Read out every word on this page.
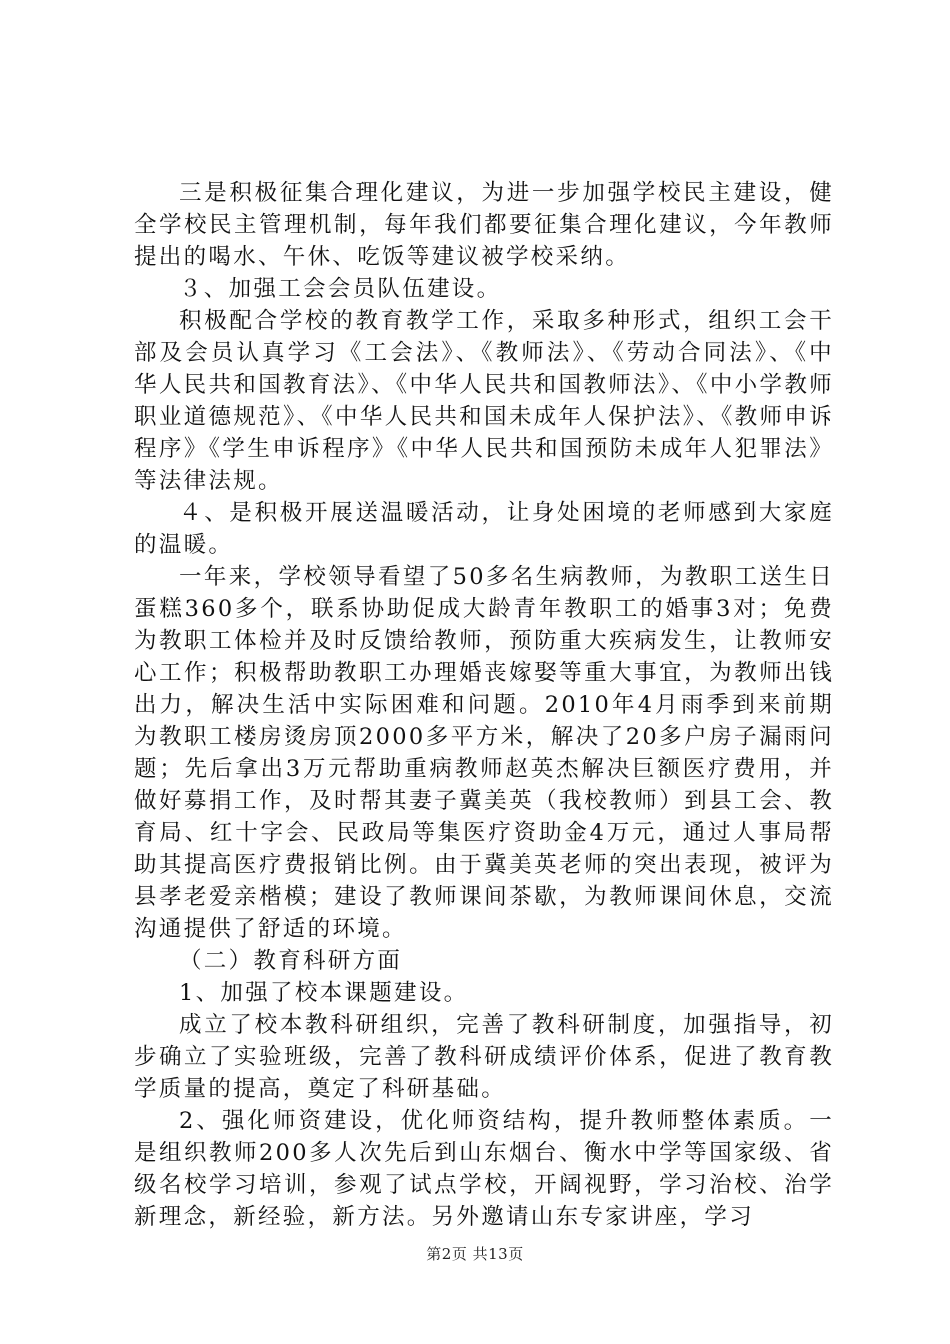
三是积极征集合理化建议，为进一步加强学校民主建设，健全学校民主管理机制，每年我们都要征集合理化建议，今年教师提出的喝水、午休、吃饭等建议被学校采纳。

３、加强工会会员队伍建设。

积极配合学校的教育教学工作，采取多种形式，组织工会干部及会员认真学习《工会法》、《教师法》、《劳动合同法》、《中华人民共和国教育法》、《中华人民共和国教师法》、《中小学教师职业道德规范》、《中华人民共和国未成年人保护法》、《教师申诉程序》《学生申诉程序》《中华人民共和国预防未成年人犯罪法》等法律法规。

４、是积极开展送温暖活动，让身处困境的老师感到大家庭的温暖。

一年来，学校领导看望了50多名生病教师，为教职工送生日蛋糕360多个，联系协助促成大龄青年教职工的婚事3对；免费为教职工体检并及时反馈给教师，预防重大疾病发生，让教师安心工作；积极帮助教职工办理婚丧嫁娶等重大事宜，为教师出钱出力，解决生活中实际困难和问题。2010年4月雨季到来前期为教职工楼房烫房顶2000多平方米，解决了20多户房子漏雨问题；先后拿出3万元帮助重病教师赵英杰解决巨额医疗费用，并做好募捐工作，及时帮其妻子冀美英（我校教师）到县工会、教育局、红十字会、民政局等集医疗资助金4万元，通过人事局帮助其提高医疗费报销比例。由于冀美英老师的突出表现，被评为县孝老爱亲楷模；建设了教师课间茶歇，为教师课间休息，交流沟通提供了舒适的环境。

（二）教育科研方面

1、加强了校本课题建设。

成立了校本教科研组织，完善了教科研制度，加强指导，初步确立了实验班级，完善了教科研成绩评价体系，促进了教育教学质量的提高，奠定了科研基础。

2、强化师资建设，优化师资结构，提升教师整体素质。一是组织教师200多人次先后到山东烟台、衡水中学等国家级、省级名校学习培训，参观了试点学校，开阔视野，学习治校、治学新理念，新经验，新方法。另外邀请山东专家讲座，学习

第2页 共13页
